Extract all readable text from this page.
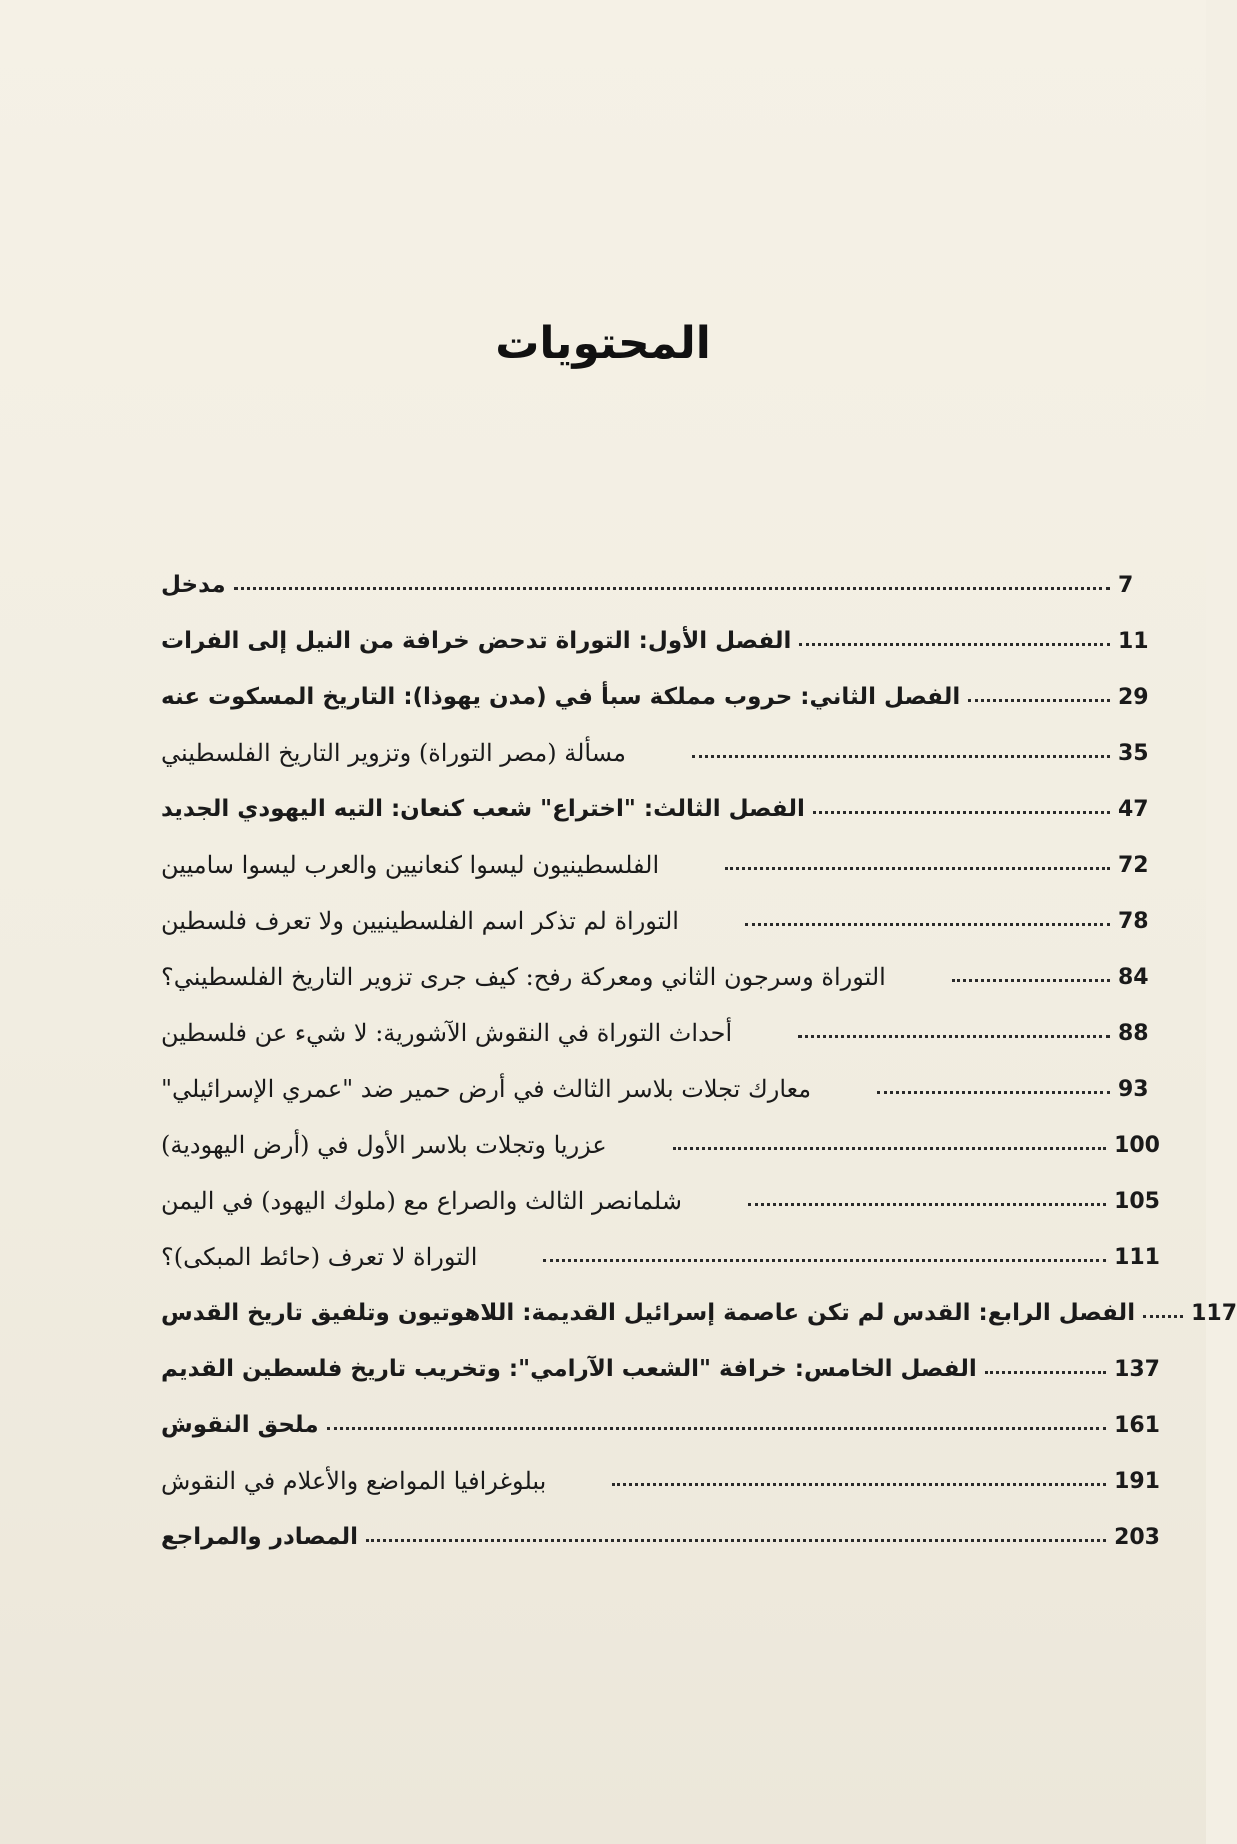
المحتويات
مدخل	7
الفصل الأول: التوراة تدحض خرافة من النيل إلى الفرات	11
الفصل الثاني: حروب مملكة سبأ في (مدن يهوذا): التاريخ المسكوت عنه	29
مسألة (مصر التوراة) وتزوير التاريخ الفلسطيني	35
الفصل الثالث: "اختراع" شعب كنعان: التيه اليهودي الجديد	47
الفلسطينيون ليسوا كنعانيين والعرب ليسوا ساميين	72
التوراة لم تذكر اسم الفلسطينيين ولا تعرف فلسطين	78
التوراة وسرجون الثاني ومعركة رفح: كيف جرى تزوير التاريخ الفلسطيني؟	84
أحداث التوراة في النقوش الآشورية: لا شيء عن فلسطين	88
معارك تجلات بلاسر الثالث في أرض حمير ضد "عمري الإسرائيلي"	93
عزريا وتجلات بلاسر الأول في (أرض اليهودية)	100
شلمانصر الثالث والصراع مع (ملوك اليهود) في اليمن	105
التوراة لا تعرف (حائط المبكى)؟	111
الفصل الرابع: القدس لم تكن عاصمة إسرائيل القديمة: اللاهوتيون وتلفيق تاريخ القدس	117
الفصل الخامس: خرافة "الشعب الآرامي": وتخريب تاريخ فلسطين القديم	137
ملحق النقوش	161
ببلوغرافيا المواضع والأعلام في النقوش	191
المصادر والمراجع	203
